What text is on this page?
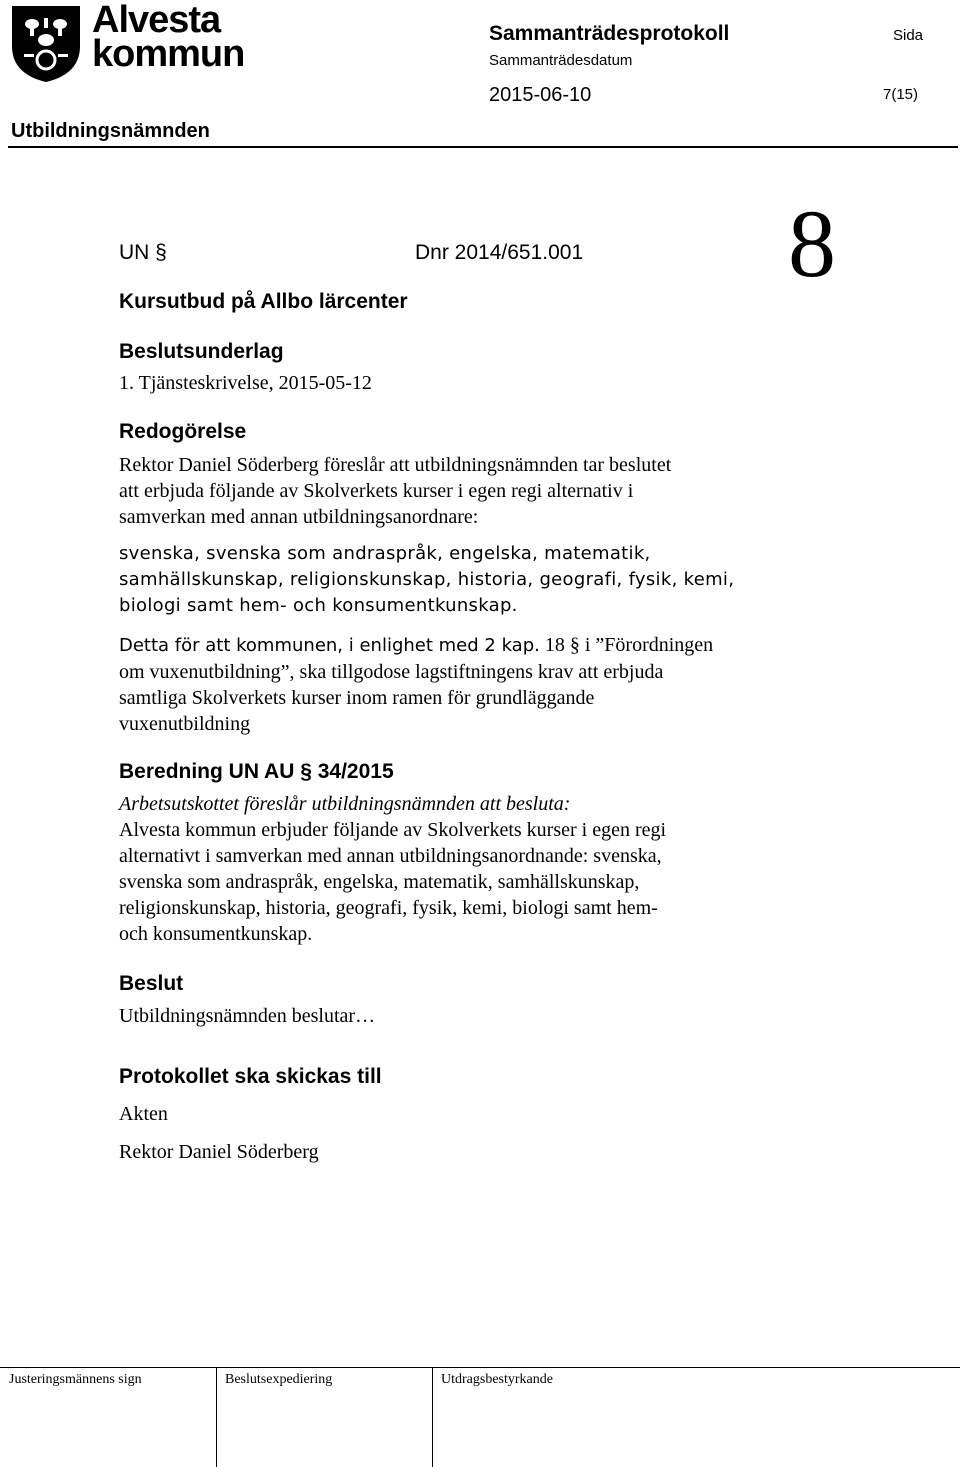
Alvesta
kommun	Sammanträdesprotokoll	Sida
Sammanträdesdatum
2015-06-10	7(15)
Utbildningsnämnden
UN §	Dnr 2014/651.001 8
Kursutbud på Allbo lärcenter
Beslutsunderlag
1. Tjänsteskrivelse, 2015-05-12
Redogörelse
Rektor Daniel Söderberg föreslår att utbildningsnämnden tar beslutet
att erbjuda följande av Skolverkets kurser i egen regi alternativ i
samverkan med annan utbildningsanordnare:
svenska, svenska som andraspråk, engelska, matematik,
samhällskunskap, religionskunskap, historia, geografi, fysik, kemi,
biologi samt hem- och konsumentkunskap.
Detta för att kommunen, i enlighet med 2 kap. 18 § i ”Förordningen
om vuxenutbildning”, ska tillgodose lagstiftningens krav att erbjuda
samtliga Skolverkets kurser inom ramen för grundläggande
vuxenutbildning
Beredning UN AU § 34/2015
Arbetsutskottet föreslår utbildningsnämnden att besluta:
Alvesta kommun erbjuder följande av Skolverkets kurser i egen regi
alternativt i samverkan med annan utbildningsanordnande: svenska,
svenska som andraspråk, engelska, matematik, samhällskunskap,
religionskunskap, historia, geografi, fysik, kemi, biologi samt hem-
och konsumentkunskap.
Beslut
Utbildningsnämnden beslutar…
Protokollet ska skickas till
Akten
Rektor Daniel Söderberg
Justeringsmännens sign	Beslutsexpediering	Utdragsbestyrkande
